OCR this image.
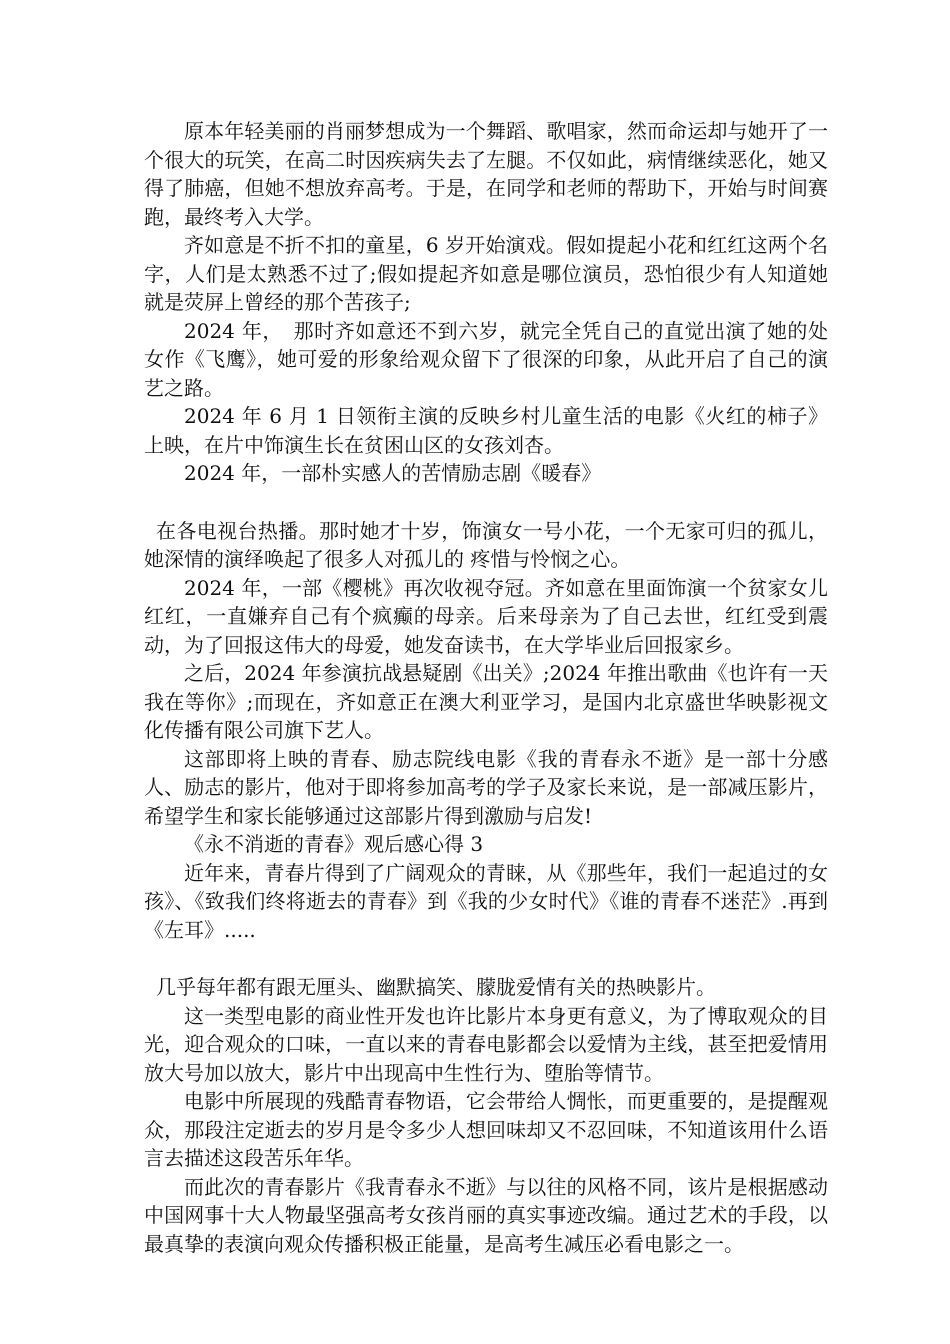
原本年轻美丽的肖丽梦想成为一个舞蹈、歌唱家，然而命运却与她开了一个很大的玩笑，在高二时因疾病失去了左腿。不仅如此，病情继续恶化，她又得了肺癌，但她不想放弃高考。于是，在同学和老师的帮助下，开始与时间赛跑，最终考入大学。

齐如意是不折不扣的童星，6 岁开始演戏。假如提起小花和红红这两个名字，人们是太熟悉不过了;假如提起齐如意是哪位演员，恐怕很少有人知道她就是荧屏上曾经的那个苦孩子;

2024 年，　那时齐如意还不到六岁，就完全凭自己的直觉出演了她的处女作《飞鹰》，她可爱的形象给观众留下了很深的印象，从此开启了自己的演艺之路。

2024 年 6 月 1 日领衔主演的反映乡村儿童生活的电影《火红的柿子》上映，在片中饰演生长在贫困山区的女孩刘杏。

2024 年，一部朴实感人的苦情励志剧《暖春》

在各电视台热播。那时她才十岁，饰演女一号小花，一个无家可归的孤儿，她深情的演绎唤起了很多人对孤儿的 疼惜与怜悯之心。

2024 年，一部《樱桃》再次收视夺冠。齐如意在里面饰演一个贫家女儿红红，一直嫌弃自己有个疯癫的母亲。后来母亲为了自己去世，红红受到震动，为了回报这伟大的母爱，她发奋读书，在大学毕业后回报家乡。

之后，2024 年参演抗战悬疑剧《出关》;2024 年推出歌曲《也许有一天我在等你》;而现在，齐如意正在澳大利亚学习，是国内北京盛世华映影视文化传播有限公司旗下艺人。

这部即将上映的青春、励志院线电影《我的青春永不逝》是一部十分感人、励志的影片，他对于即将参加高考的学子及家长来说，是一部减压影片，希望学生和家长能够通过这部影片得到激励与启发!

《永不消逝的青春》观后感心得 3

近年来，青春片得到了广阔观众的青睐，从《那些年，我们一起追过的女孩》、《致我们终将逝去的青春》到《我的少女时代》《谁的青春不迷茫》.再到《左耳》.....

几乎每年都有跟无厘头、幽默搞笑、朦胧爱情有关的热映影片。

这一类型电影的商业性开发也许比影片本身更有意义，为了博取观众的目光，迎合观众的口味，一直以来的青春电影都会以爱情为主线，甚至把爱情用放大号加以放大，影片中出现高中生性行为、堕胎等情节。

电影中所展现的残酷青春物语，它会带给人惆怅，而更重要的，是提醒观众，那段注定逝去的岁月是令多少人想回味却又不忍回味，不知道该用什么语言去描述这段苦乐年华。

而此次的青春影片《我青春永不逝》与以往的风格不同，该片是根据感动中国网事十大人物最坚强高考女孩肖丽的真实事迹改编。通过艺术的手段，以最真挚的表演向观众传播积极正能量，是高考生减压必看电影之一。
